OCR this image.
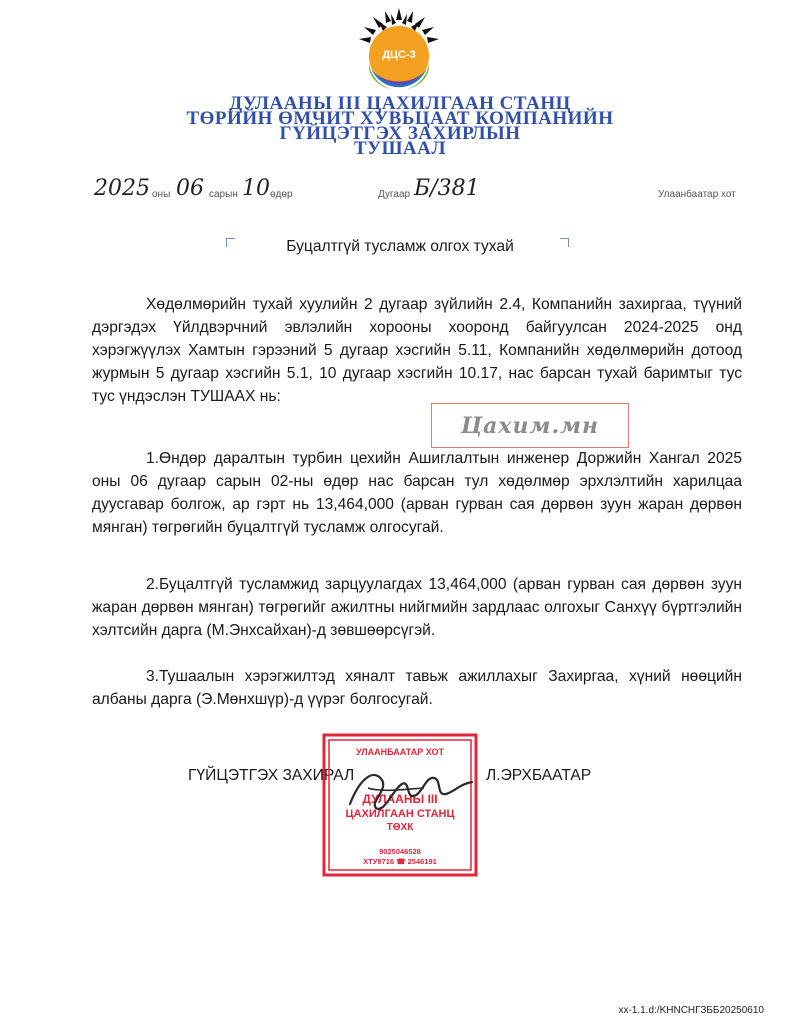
ДЦС-3
ДУЛААНЫ III ЦАХИЛГААН СТАНЦ
ТӨРИЙН ӨМЧИТ ХУВЬЦААТ КОМПАНИЙН
ГҮЙЦЭТГЭХ ЗАХИРЛЫН
ТУШААЛ
2025 оны 06 сарын 10 өдөр	Дугаар Б/381	Улаанбаатар хот
Буцалтгүй тусламж олгох тухай
Хөдөлмөрийн тухай хуулийн 2 дугаар зүйлийн 2.4, Компанийн захиргаа, түүний дэргэдэх Үйлдвэрчний эвлэлийн хорооны хооронд байгуулсан 2024-2025 онд хэрэгжүүлэх Хамтын гэрээний 5 дугаар хэсгийн 5.11, Компанийн хөдөлмөрийн дотоод журмын 5 дугаар хэсгийн 5.1, 10 дугаар хэсгийн 10.17, нас барсан тухай баримтыг тус тус үндэслэн ТУШААХ нь:
1.Өндөр даралтын турбин цехийн Ашиглалтын инженер Доржийн Хангал 2025 оны 06 дугаар сарын 02-ны өдөр нас барсан тул хөдөлмөр эрхлэлтийн харилцаа дуусгавар болгож, ар гэрт нь 13,464,000 (арван гурван сая дөрвөн зуун жаран дөрвөн мянган) төгрөгийн буцалтгүй тусламж олгосугай.
2.Буцалтгүй тусламжид зарцуулагдах 13,464,000 (арван гурван сая дөрвөн зуун жаран дөрвөн мянган) төгрөгийг ажилтны нийгмийн зардлаас олгохыг Санхүү бүртгэлийн хэлтсийн дарга (М.Энхсайхан)-д зөвшөөрсүгэй.
3.Тушаалын хэрэгжилтэд хяналт тавьж ажиллахыг Захиргаа, хүний нөөцийн албаны дарга (Э.Мөнхшүр)-д үүрэг болгосугай.
Цахим.мн
ГҮЙЦЭТГЭХ ЗАХИРАЛ	Л.ЭРХБААТАР
УЛААНБААТАР ХОТ
ДУЛААНЫ III
ЦАХИЛГААН СТАНЦ
ТӨХК
9025046528
ХТУ9716 ☎ 2546191
хх-1.1.d:/KHNCHГЗББ20250610
